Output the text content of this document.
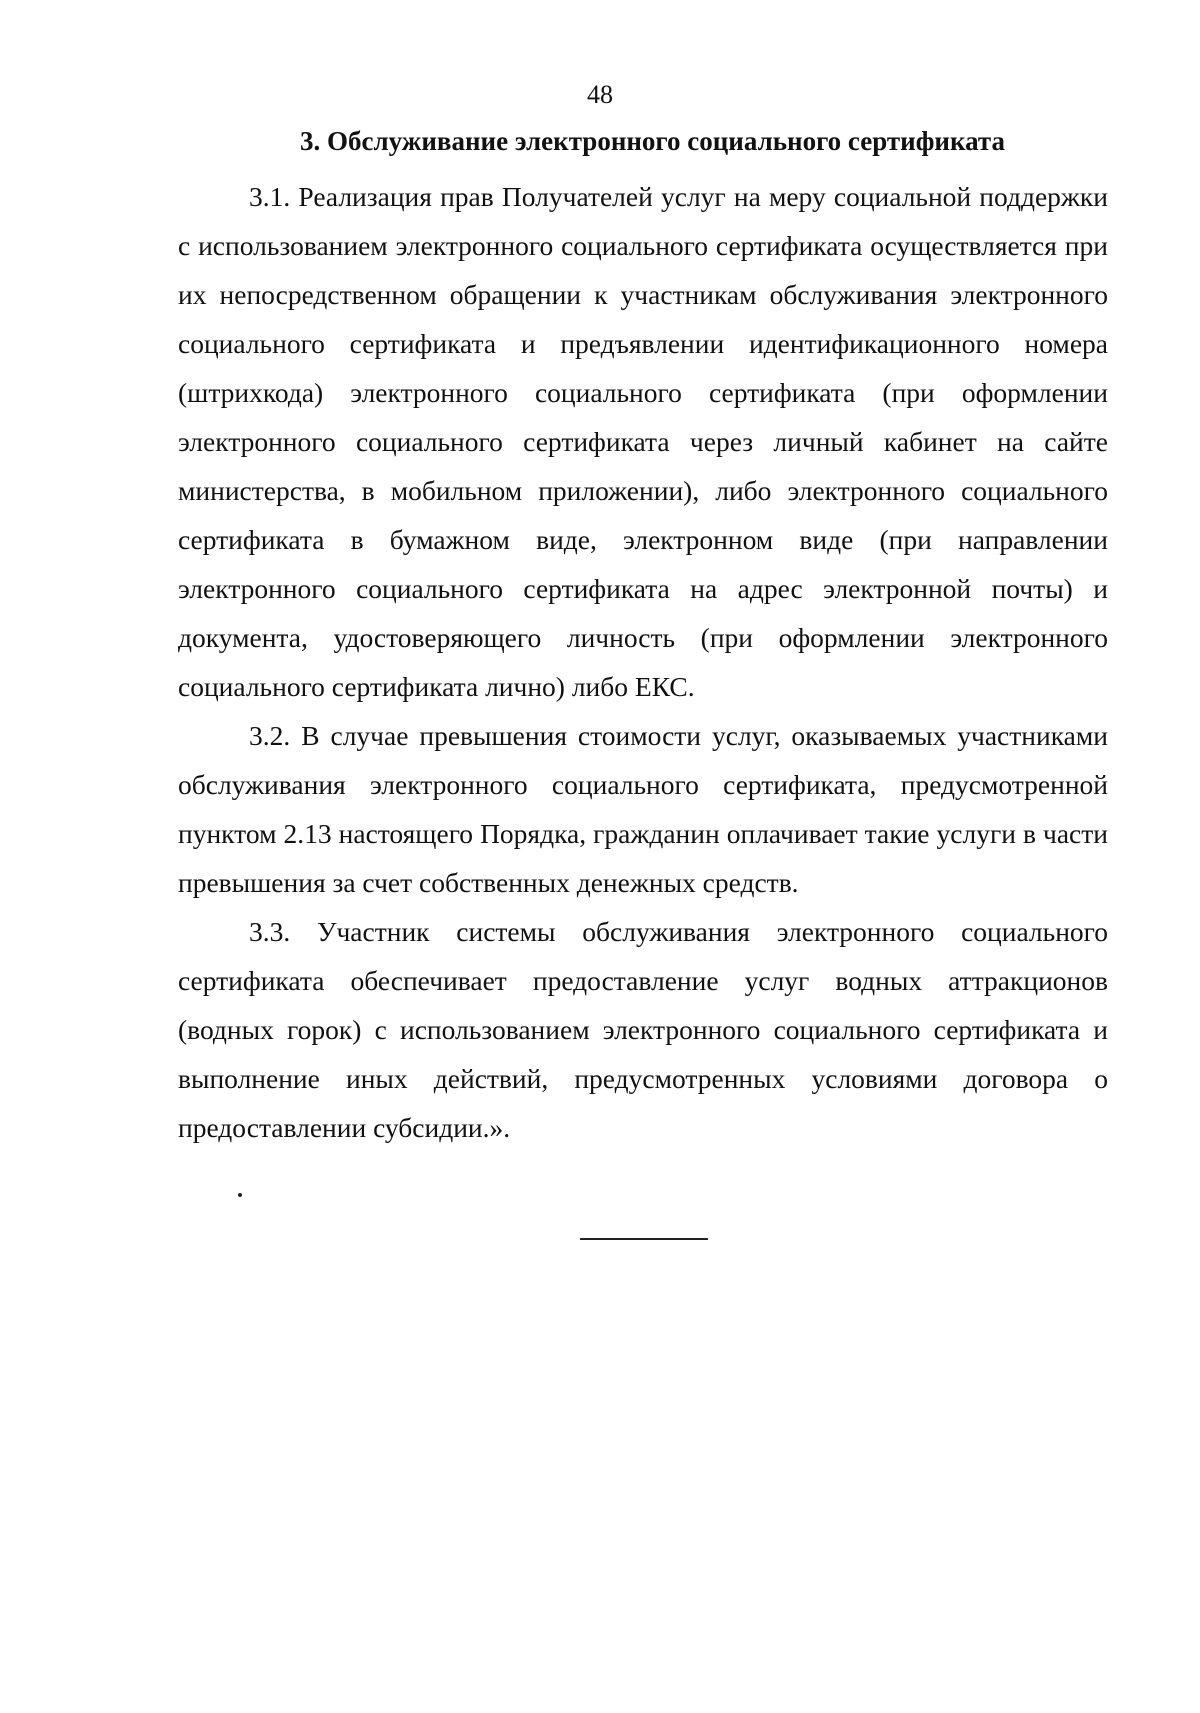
48
3. Обслуживание электронного социального сертификата

3.1. Реализация прав Получателей услуг на меру социальной поддержки с использованием электронного социального сертификата осуществляется при их непосредственном обращении к участникам обслуживания электронного социального сертификата и предъявлении идентификационного номера (штрихкода) электронного социального сертификата (при оформлении электронного социального сертификата через личный кабинет на сайте министерства, в мобильном приложении), либо электронного социального сертификата в бумажном виде, электронном виде (при направлении электронного социального сертификата на адрес электронной почты) и документа, удостоверяющего личность (при оформлении электронного социального сертификата лично) либо ЕКС.

3.2. В случае превышения стоимости услуг, оказываемых участниками обслуживания электронного социального сертификата, предусмотренной пунктом 2.13 настоящего Порядка, гражданин оплачивает такие услуги в части превышения за счет собственных денежных средств.

3.3. Участник системы обслуживания электронного социального сертификата обеспечивает предоставление услуг водных аттракционов (водных горок) с использованием электронного социального сертификата и выполнение иных действий, предусмотренных условиями договора о предоставлении субсидии.».
